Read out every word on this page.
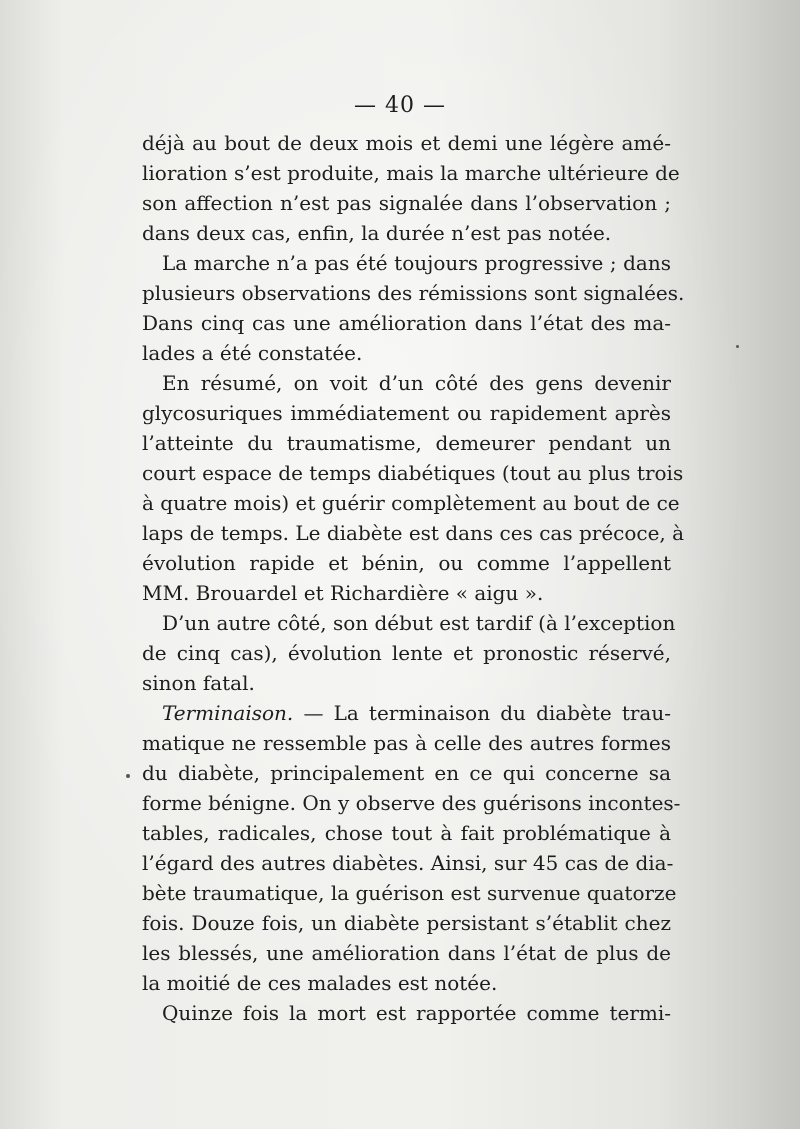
— 40 —
déjà au bout de deux mois et demi une légère amé-
lioration s’est produite, mais la marche ultérieure de
son affection n’est pas signalée dans l’observation ;
dans deux cas, enfin, la durée n’est pas notée.
La marche n’a pas été toujours progressive ; dans
plusieurs observations des rémissions sont signalées.
Dans cinq cas une amélioration dans l’état des ma-
lades a été constatée.
En résumé, on voit d’un côté des gens devenir
glycosuriques immédiatement ou rapidement après
l’atteinte du traumatisme, demeurer pendant un
court espace de temps diabétiques (tout au plus trois
à quatre mois) et guérir complètement au bout de ce
laps de temps. Le diabète est dans ces cas précoce, à
évolution rapide et bénin, ou comme l’appellent
MM. Brouardel et Richardière « aigu ».
D’un autre côté, son début est tardif (à l’exception
de cinq cas), évolution lente et pronostic réservé,
sinon fatal.
Terminaison. — La terminaison du diabète trau-
matique ne ressemble pas à celle des autres formes
du diabète, principalement en ce qui concerne sa
forme bénigne. On y observe des guérisons incontes-
tables, radicales, chose tout à fait problématique à
l’égard des autres diabètes. Ainsi, sur 45 cas de dia-
bète traumatique, la guérison est survenue quatorze
fois. Douze fois, un diabète persistant s’établit chez
les blessés, une amélioration dans l’état de plus de
la moitié de ces malades est notée.
Quinze fois la mort est rapportée comme termi-
